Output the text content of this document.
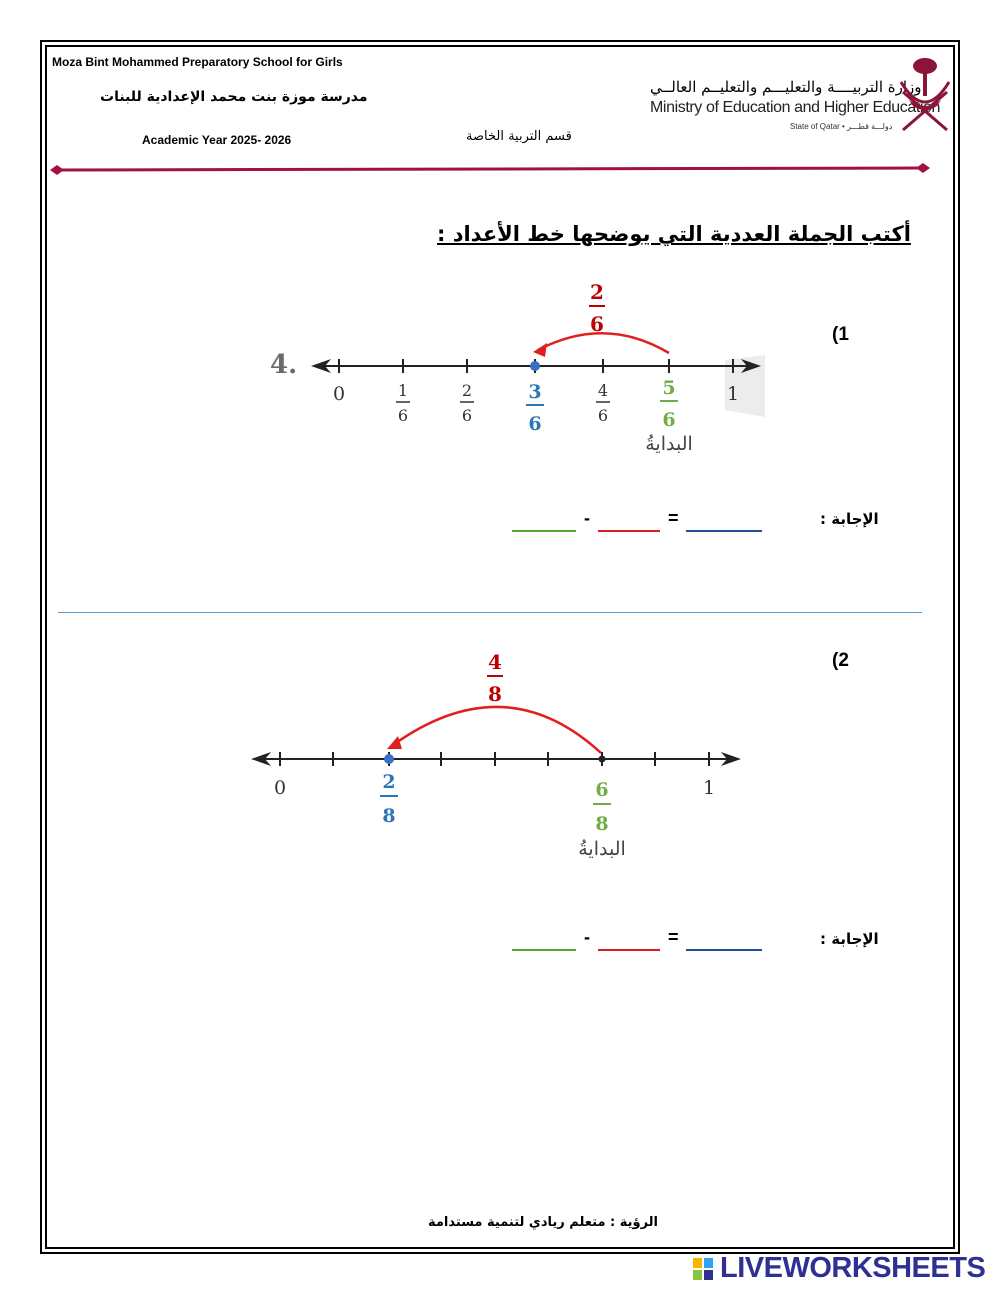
Moza Bint Mohammed Preparatory School for Girls
مدرسة موزة بنت محمد الإعدادية للبنات
Academic Year 2025- 2026	قسم التربية الخاصة
وزارة التربيــــة والتعليـــم والتعليــم العالــي
Ministry of Education and Higher Education
State of Qatar • دولـــة قطـــر
أكتب الجملة العددية التي يوضحها خط الأعداد :
(1
4.
2
6
0	1
1
6
2
6
3
6
4
6
5
6
البدايةُ
الإجابة :
=
-
(2
4
8
0	1
2
8
6
8
البدايةُ
الإجابة :
=
-
الرؤية : متعلم ريادي لتنمية مستدامة
LIVEWORKSHEETS
